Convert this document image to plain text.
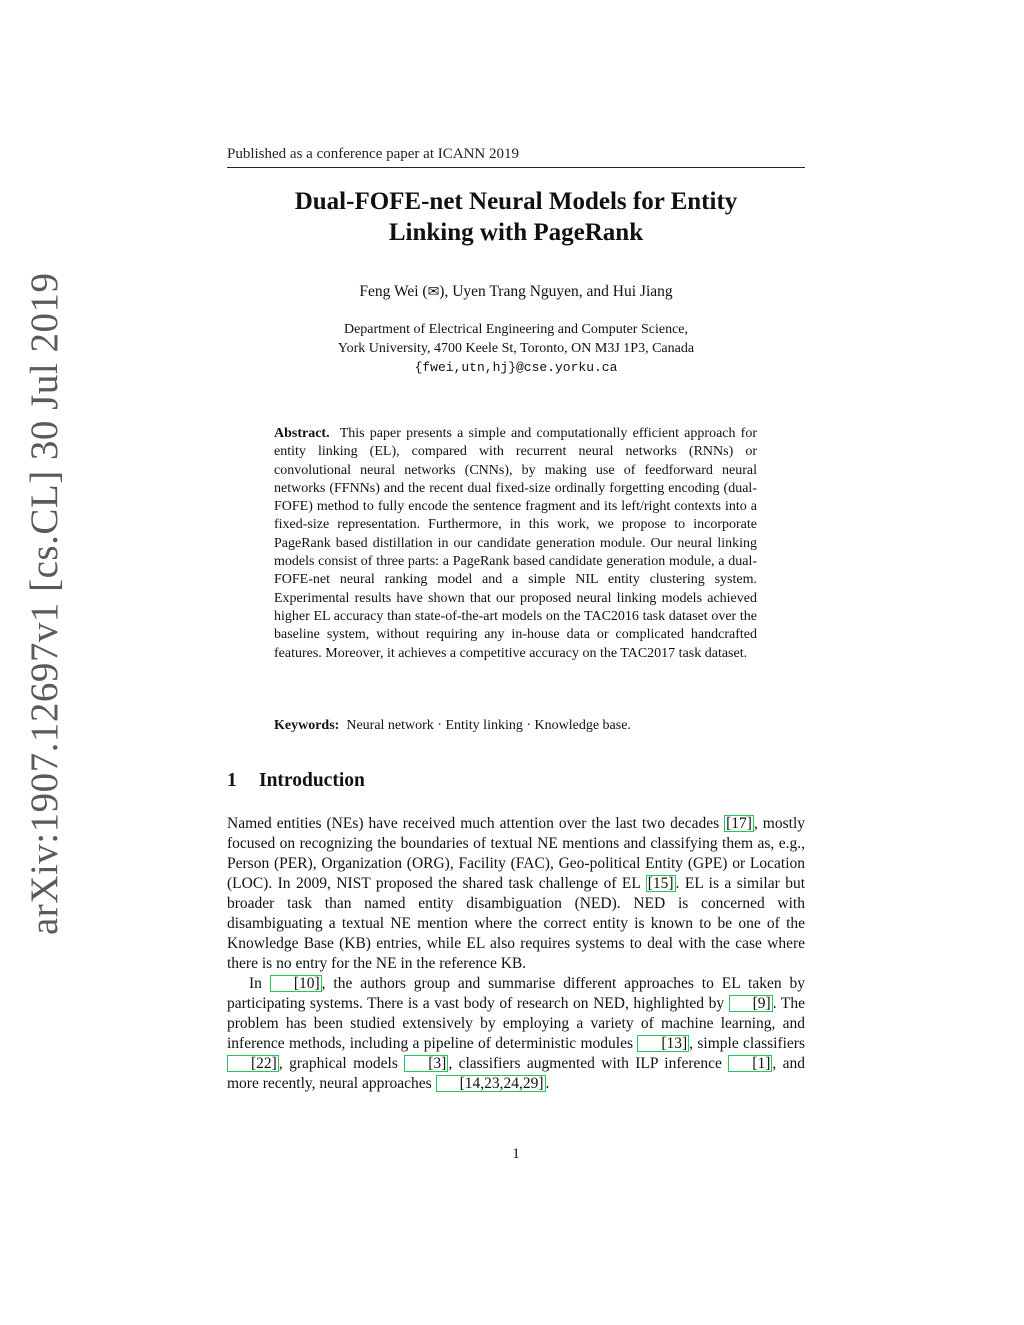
arXiv:1907.12697v1 [cs.CL] 30 Jul 2019
Published as a conference paper at ICANN 2019
Dual-FOFE-net Neural Models for Entity
Linking with PageRank
Feng Wei (✉), Uyen Trang Nguyen, and Hui Jiang
Department of Electrical Engineering and Computer Science,
York University, 4700 Keele St, Toronto, ON M3J 1P3, Canada
{fwei,utn,hj}@cse.yorku.ca
Abstract. This paper presents a simple and computationally efficient approach for entity linking (EL), compared with recurrent neural networks (RNNs) or convolutional neural networks (CNNs), by making use of feedforward neural networks (FFNNs) and the recent dual fixed-size ordinally forgetting encoding (dual-FOFE) method to fully encode the sentence fragment and its left/right contexts into a fixed-size representation. Furthermore, in this work, we propose to incorporate PageRank based distillation in our candidate generation module. Our neural linking models consist of three parts: a PageRank based candidate generation module, a dual-FOFE-net neural ranking model and a simple NIL entity clustering system. Experimental results have shown that our proposed neural linking models achieved higher EL accuracy than state-of-the-art models on the TAC2016 task dataset over the baseline system, without requiring any in-house data or complicated handcrafted features. Moreover, it achieves a competitive accuracy on the TAC2017 task dataset.
Keywords: Neural network · Entity linking · Knowledge base.
1 Introduction

Named entities (NEs) have received much attention over the last two decades [17] , mostly focused on recognizing the boundaries of textual NE mentions and classifying them as, e.g., Person (PER), Organization (ORG), Facility (FAC), Geo-political Entity (GPE) or Location (LOC). In 2009, NIST proposed the shared task challenge of EL [15] . EL is a similar but broader task than named entity disambiguation (NED). NED is concerned with disambiguating a textual NE mention where the correct entity is known to be one of the Knowledge Base (KB) entries, while EL also requires systems to deal with the case where there is no entry for the NE in the reference KB.

In [10] , the authors group and summarise different approaches to EL taken by participating systems. There is a vast body of research on NED, highlighted by [9] . The problem has been studied extensively by employing a variety of machine learning, and inference methods, including a pipeline of deterministic modules [13] , simple classifiers [22] , graphical models [3] , classifiers augmented with ILP inference [1] , and more recently, neural approaches [14,23,24,29] .

1
